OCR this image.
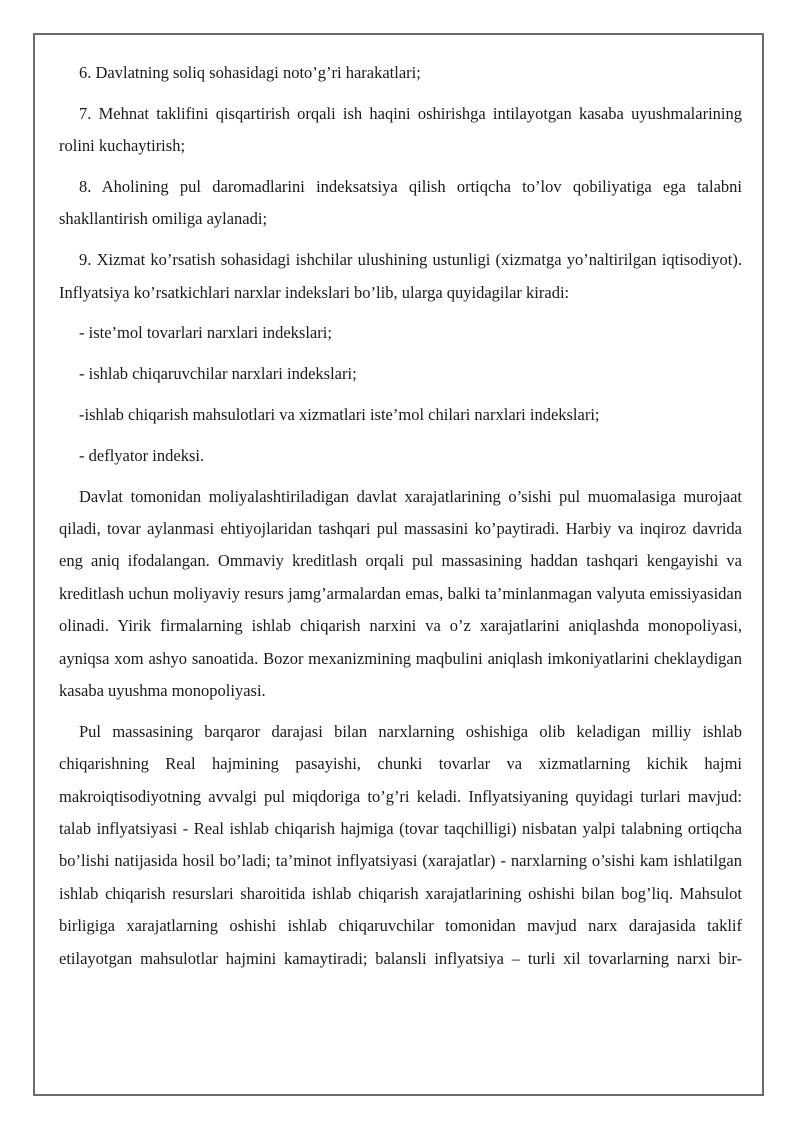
6. Davlatning soliq sohasidagi noto’g’ri harakatlari;

7. Mehnat taklifini qisqartirish orqali ish haqini oshirishga intilayotgan kasaba uyushmalarining rolini kuchaytirish;

8. Aholining pul daromadlarini indeksatsiya qilish ortiqcha to’lov qobiliyatiga ega talabni shakllantirish omiliga aylanadi;

9. Xizmat ko’rsatish sohasidagi ishchilar ulushining ustunligi (xizmatga yo’naltirilgan iqtisodiyot). Inflyatsiya ko’rsatkichlari narxlar indekslari bo’lib, ularga quyidagilar kiradi:

- iste’mol tovarlari narxlari indekslari;

- ishlab chiqaruvchilar narxlari indekslari;

-ishlab chiqarish mahsulotlari va xizmatlari iste’mol chilari narxlari indekslari;

- deflyator indeksi.

Davlat tomonidan moliyalashtiriladigan davlat xarajatlarining o’sishi pul muomalasiga murojaat qiladi, tovar aylanmasi ehtiyojlaridan tashqari pul massasini ko’paytiradi. Harbiy va inqiroz davrida eng aniq ifodalangan. Ommaviy kreditlash orqali pul massasining haddan tashqari kengayishi va kreditlash uchun moliyaviy resurs jamg’armalardan emas, balki ta’minlanmagan valyuta emissiyasidan olinadi. Yirik firmalarning ishlab chiqarish narxini va o’z xarajatlarini aniqlashda monopoliyasi, ayniqsa xom ashyo sanoatida. Bozor mexanizmining maqbulini aniqlash imkoniyatlarini cheklaydigan kasaba uyushma monopoliyasi.

Pul massasining barqaror darajasi bilan narxlarning oshishiga olib keladigan milliy ishlab chiqarishning Real hajmining pasayishi, chunki tovarlar va xizmatlarning kichik hajmi makroiqtisodiyotning avvalgi pul miqdoriga to’g’ri keladi. Inflyatsiyaning quyidagi turlari mavjud: talab inflyatsiyasi - Real ishlab chiqarish hajmiga (tovar taqchilligi) nisbatan yalpi talabning ortiqcha bo’lishi natijasida hosil bo’ladi; ta’minot inflyatsiyasi (xarajatlar) - narxlarning o’sishi kam ishlatilgan ishlab chiqarish resurslari sharoitida ishlab chiqarish xarajatlarining oshishi bilan bog’liq. Mahsulot birligiga xarajatlarning oshishi ishlab chiqaruvchilar tomonidan mavjud narx darajasida taklif etilayotgan mahsulotlar hajmini kamaytiradi; balansli inflyatsiya – turli xil tovarlarning narxi bir-
